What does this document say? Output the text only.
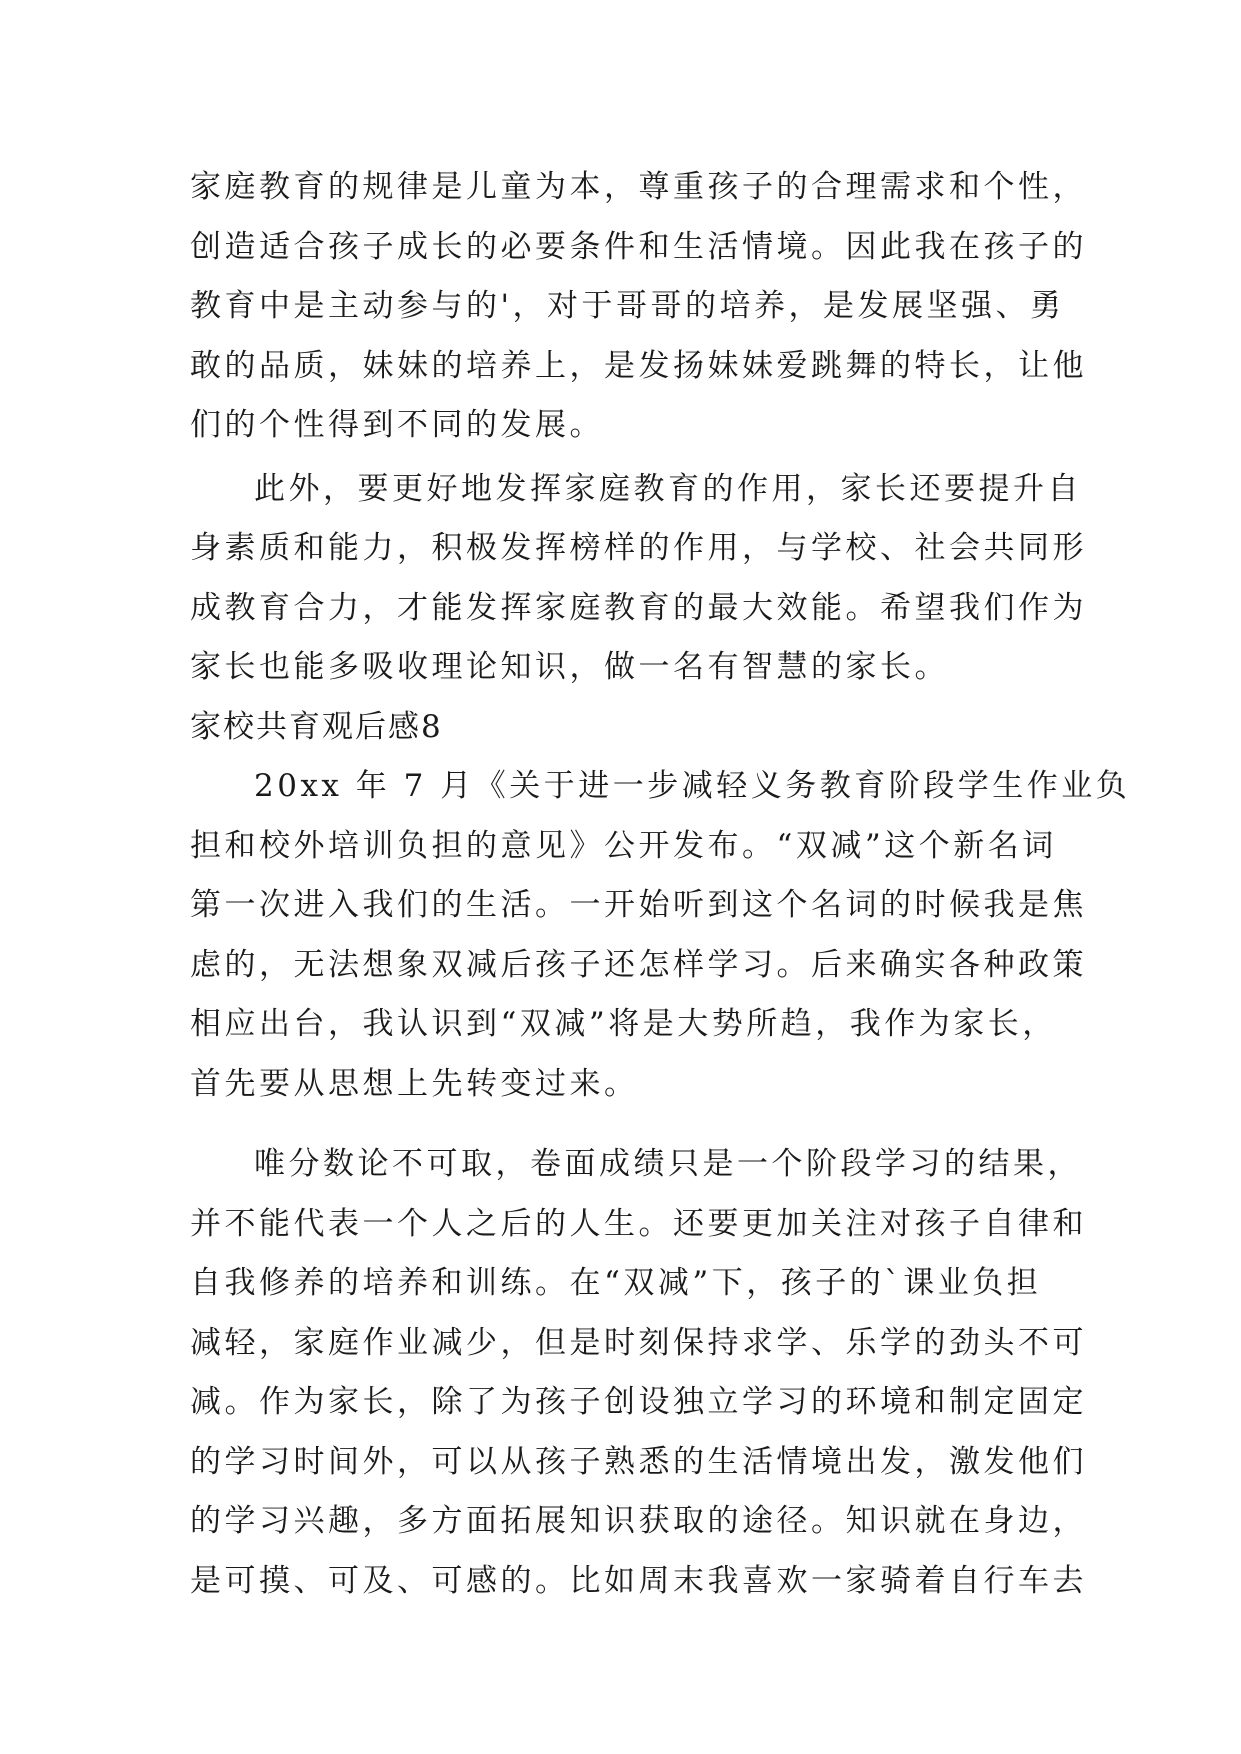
家庭教育的规律是儿童为本，尊重孩子的合理需求和个性，
创造适合孩子成长的必要条件和生活情境。因此我在孩子的
教育中是主动参与的'，对于哥哥的培养，是发展坚强、勇
敢的品质，妹妹的培养上，是发扬妹妹爱跳舞的特长，让他
们的个性得到不同的发展。
此外，要更好地发挥家庭教育的作用，家长还要提升自
身素质和能力，积极发挥榜样的作用，与学校、社会共同形
成教育合力，才能发挥家庭教育的最大效能。希望我们作为
家长也能多吸收理论知识，做一名有智慧的家长。
家校共育观后感8
20xx 年 7 月《关于进一步减轻义务教育阶段学生作业负
担和校外培训负担的意见》公开发布。“双减”这个新名词
第一次进入我们的生活。一开始听到这个名词的时候我是焦
虑的，无法想象双减后孩子还怎样学习。后来确实各种政策
相应出台，我认识到“双减”将是大势所趋，我作为家长，
首先要从思想上先转变过来。
唯分数论不可取，卷面成绩只是一个阶段学习的结果，
并不能代表一个人之后的人生。还要更加关注对孩子自律和
自我修养的培养和训练。在“双减”下，孩子的`课业负担
减轻，家庭作业减少，但是时刻保持求学、乐学的劲头不可
减。作为家长，除了为孩子创设独立学习的环境和制定固定
的学习时间外，可以从孩子熟悉的生活情境出发，激发他们
的学习兴趣，多方面拓展知识获取的途径。知识就在身边，
是可摸、可及、可感的。比如周末我喜欢一家骑着自行车去
